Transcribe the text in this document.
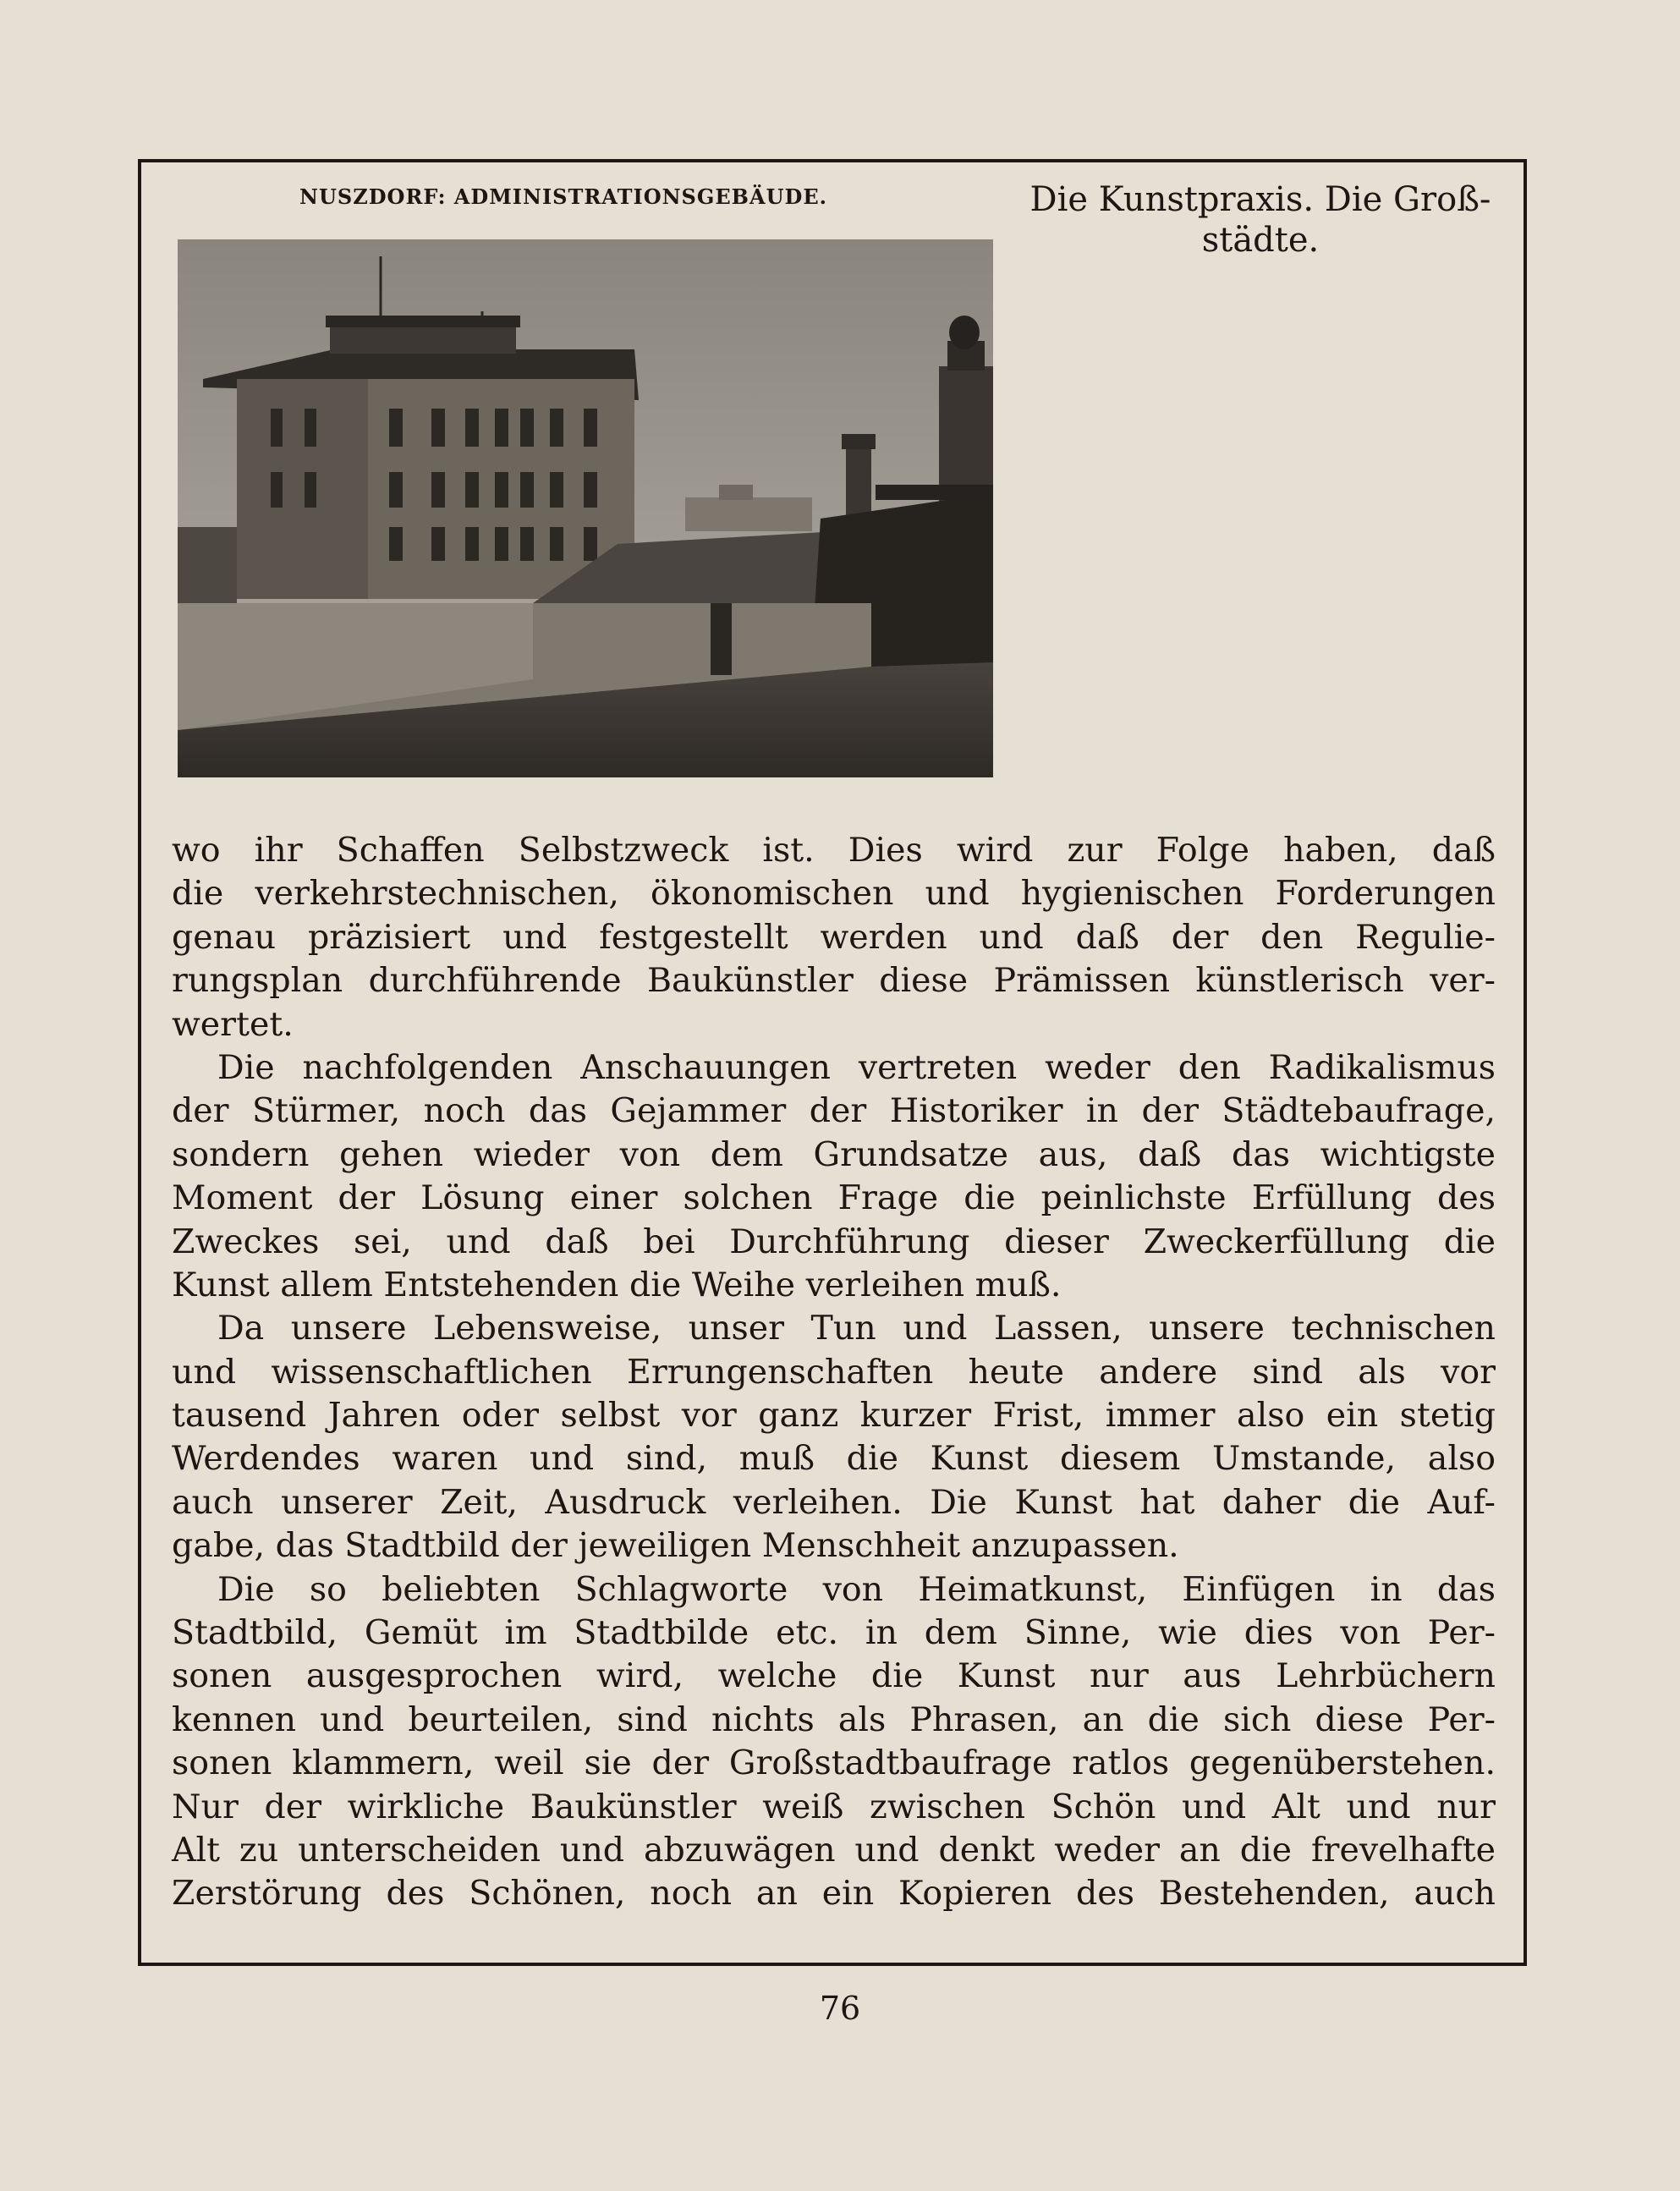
NUSZDORF: ADMINISTRATIONSGEBÄUDE.	Die Kunstpraxis. Die Groß-
städte.
wo ihr Schaffen Selbstzweck ist. Dies wird zur Folge haben, daß
die verkehrstechnischen, ökonomischen und hygienischen Forderungen
genau präzisiert und festgestellt werden und daß der den Regulie-
rungsplan durchführende Baukünstler diese Prämissen künstlerisch ver-
wertet.
Die nachfolgenden Anschauungen vertreten weder den Radikalismus
der Stürmer, noch das Gejammer der Historiker in der Städtebaufrage,
sondern gehen wieder von dem Grundsatze aus, daß das wichtigste
Moment der Lösung einer solchen Frage die peinlichste Erfüllung des
Zweckes sei, und daß bei Durchführung dieser Zweckerfüllung die
Kunst allem Entstehenden die Weihe verleihen muß.
Da unsere Lebensweise, unser Tun und Lassen, unsere technischen
und wissenschaftlichen Errungenschaften heute andere sind als vor
tausend Jahren oder selbst vor ganz kurzer Frist, immer also ein stetig
Werdendes waren und sind, muß die Kunst diesem Umstande, also
auch unserer Zeit, Ausdruck verleihen. Die Kunst hat daher die Auf-
gabe, das Stadtbild der jeweiligen Menschheit anzupassen.
Die so beliebten Schlagworte von Heimatkunst, Einfügen in das
Stadtbild, Gemüt im Stadtbilde etc. in dem Sinne, wie dies von Per-
sonen ausgesprochen wird, welche die Kunst nur aus Lehrbüchern
kennen und beurteilen, sind nichts als Phrasen, an die sich diese Per-
sonen klammern, weil sie der Großstadtbaufrage ratlos gegenüberstehen.
Nur der wirkliche Baukünstler weiß zwischen Schön und Alt und nur
Alt zu unterscheiden und abzuwägen und denkt weder an die frevelhafte
Zerstörung des Schönen, noch an ein Kopieren des Bestehenden, auch
76
